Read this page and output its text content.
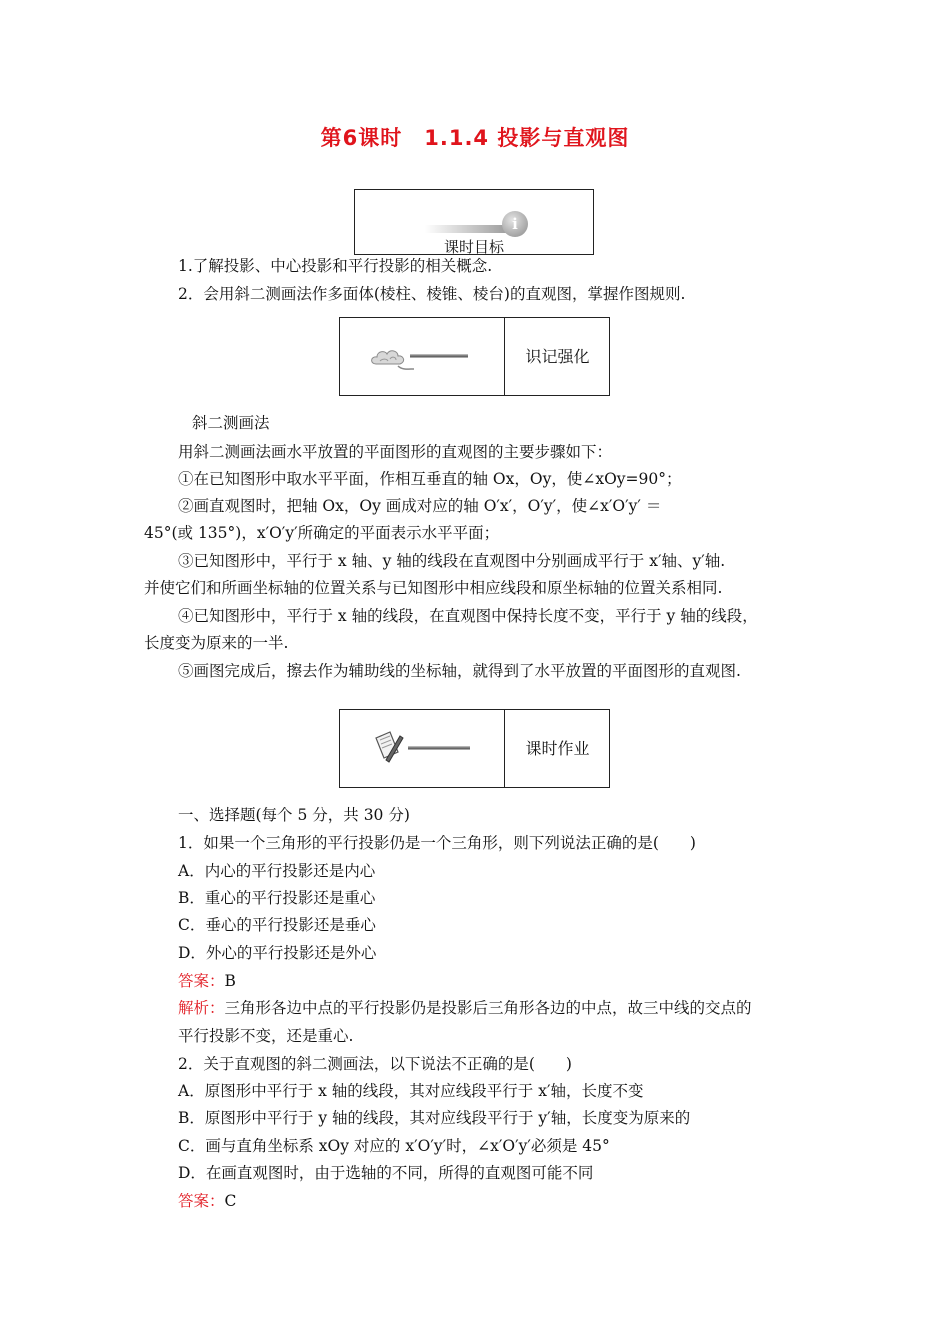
第6课时　1.1.4 投影与直观图
i
课时目标
1.了解投影、中心投影和平行投影的相关概念.
2．会用斜二测画法作多面体(棱柱、棱锥、棱台)的直观图，掌握作图规则.
识记强化
斜二测画法
用斜二测画法画水平放置的平面图形的直观图的主要步骤如下：
①在已知图形中取水平平面，作相互垂直的轴 Ox，Oy，使∠xOy=90°；
②画直观图时，把轴 Ox，Oy 画成对应的轴 O′x′，O′y′，使∠x′O′y′ ＝
45°(或 135°)，x′O′y′所确定的平面表示水平平面；
③已知图形中，平行于 x 轴、y 轴的线段在直观图中分别画成平行于 x′轴、y′轴.
并使它们和所画坐标轴的位置关系与已知图形中相应线段和原坐标轴的位置关系相同.
④已知图形中，平行于 x 轴的线段，在直观图中保持长度不变，平行于 y 轴的线段，
长度变为原来的一半.
⑤画图完成后，擦去作为辅助线的坐标轴，就得到了水平放置的平面图形的直观图.
课时作业
一、选择题(每个 5 分，共 30 分)
1．如果一个三角形的平行投影仍是一个三角形，则下列说法正确的是(　　)
A．内心的平行投影还是内心
B．重心的平行投影还是重心
C．垂心的平行投影还是垂心
D．外心的平行投影还是外心
答案：B
解析：三角形各边中点的平行投影仍是投影后三角形各边的中点，故三中线的交点的
平行投影不变，还是重心.
2．关于直观图的斜二测画法，以下说法不正确的是(　　)
A．原图形中平行于 x 轴的线段，其对应线段平行于 x′轴，长度不变
B．原图形中平行于 y 轴的线段，其对应线段平行于 y′轴，长度变为原来的
C．画与直角坐标系 xOy 对应的 x′O′y′时，∠x′O′y′必须是 45°
D．在画直观图时，由于选轴的不同，所得的直观图可能不同
答案：C
